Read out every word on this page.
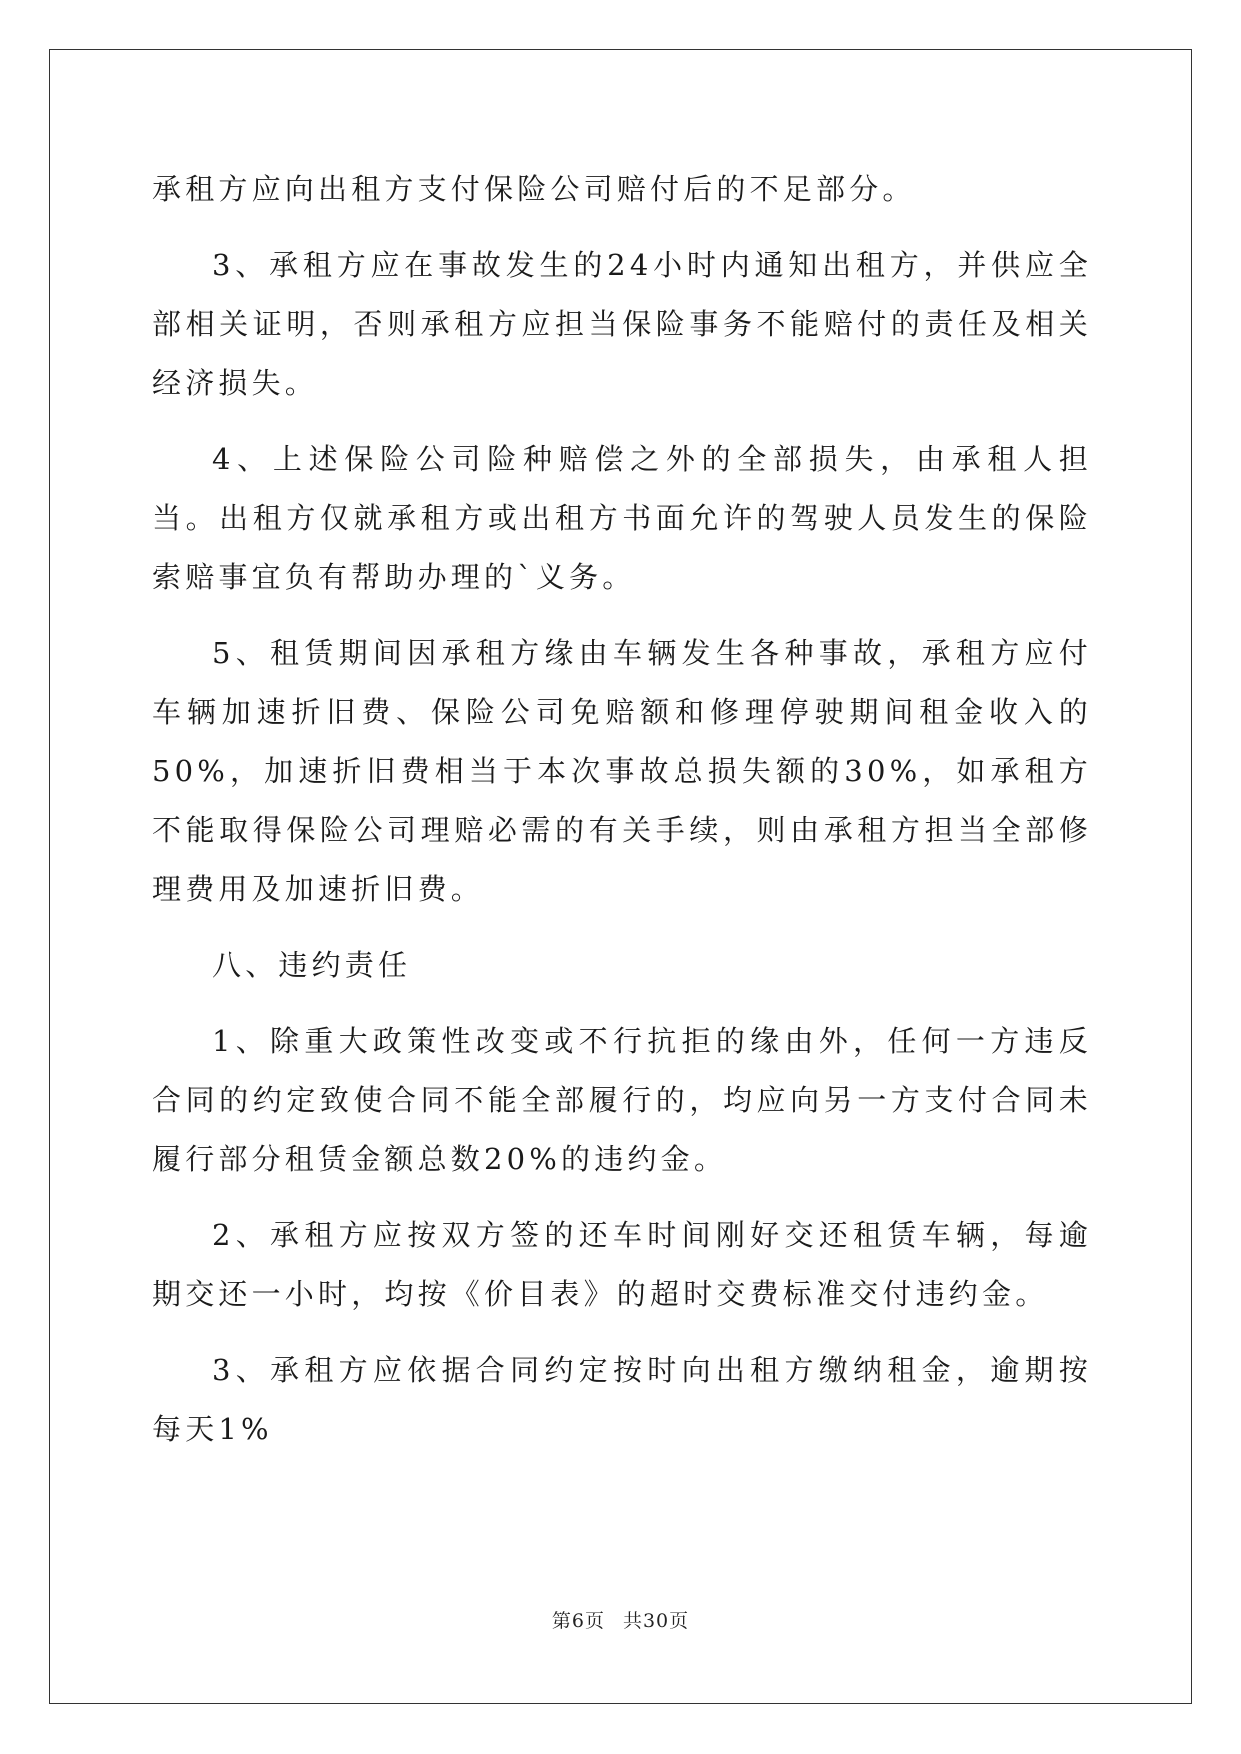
承租方应向出租方支付保险公司赔付后的不足部分。

3、承租方应在事故发生的24小时内通知出租方，并供应全部相关证明，否则承租方应担当保险事务不能赔付的责任及相关经济损失。

4、上述保险公司险种赔偿之外的全部损失，由承租人担当。出租方仅就承租方或出租方书面允许的驾驶人员发生的保险索赔事宜负有帮助办理的`义务。

5、租赁期间因承租方缘由车辆发生各种事故，承租方应付车辆加速折旧费、保险公司免赔额和修理停驶期间租金收入的50%，加速折旧费相当于本次事故总损失额的30%，如承租方不能取得保险公司理赔必需的有关手续，则由承租方担当全部修理费用及加速折旧费。

八、违约责任

1、除重大政策性改变或不行抗拒的缘由外，任何一方违反合同的约定致使合同不能全部履行的，均应向另一方支付合同未履行部分租赁金额总数20%的违约金。

2、承租方应按双方签的还车时间刚好交还租赁车辆，每逾期交还一小时，均按《价目表》的超时交费标准交付违约金。

3、承租方应依据合同约定按时向出租方缴纳租金，逾期按每天1%

第6页 共30页
